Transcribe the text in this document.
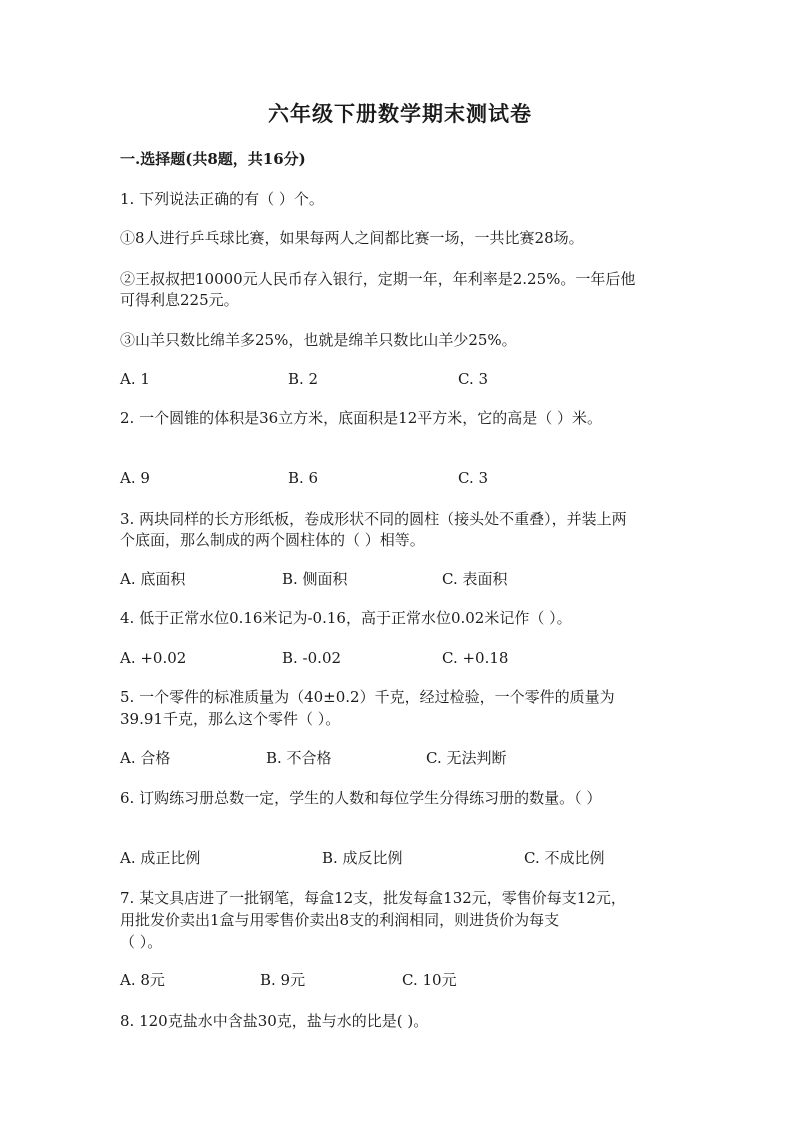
六年级下册数学期末测试卷
一.选择题(共8题，共16分)
1. 下列说法正确的有（ ）个。
①8人进行乒乓球比赛，如果每两人之间都比赛一场，一共比赛28场。
②王叔叔把10000元人民币存入银行，定期一年，年利率是2.25%。一年后他
可得利息225元。
③山羊只数比绵羊多25%，也就是绵羊只数比山羊少25%。
A. 1	B. 2	C. 3
2. 一个圆锥的体积是36立方米，底面积是12平方米，它的高是（ ）米。
A. 9	B. 6	C. 3
3. 两块同样的长方形纸板，卷成形状不同的圆柱（接头处不重叠），并装上两
个底面，那么制成的两个圆柱体的（ ）相等。
A. 底面积	B. 侧面积	C. 表面积
4. 低于正常水位0.16米记为-0.16，高于正常水位0.02米记作（ ）。
A. +0.02	B. -0.02	C. +0.18
5. 一个零件的标准质量为（40±0.2）千克，经过检验，一个零件的质量为
39.91千克，那么这个零件（ ）。
A. 合格	B. 不合格	C. 无法判断
6. 订购练习册总数一定，学生的人数和每位学生分得练习册的数量。（ ）
A. 成正比例	B. 成反比例	C. 不成比例
7. 某文具店进了一批钢笔，每盒12支，批发每盒132元，零售价每支12元，
用批发价卖出1盒与用零售价卖出8支的利润相同，则进货价为每支
（ ）。
A. 8元	B. 9元	C. 10元
8. 120克盐水中含盐30克，盐与水的比是( )。
